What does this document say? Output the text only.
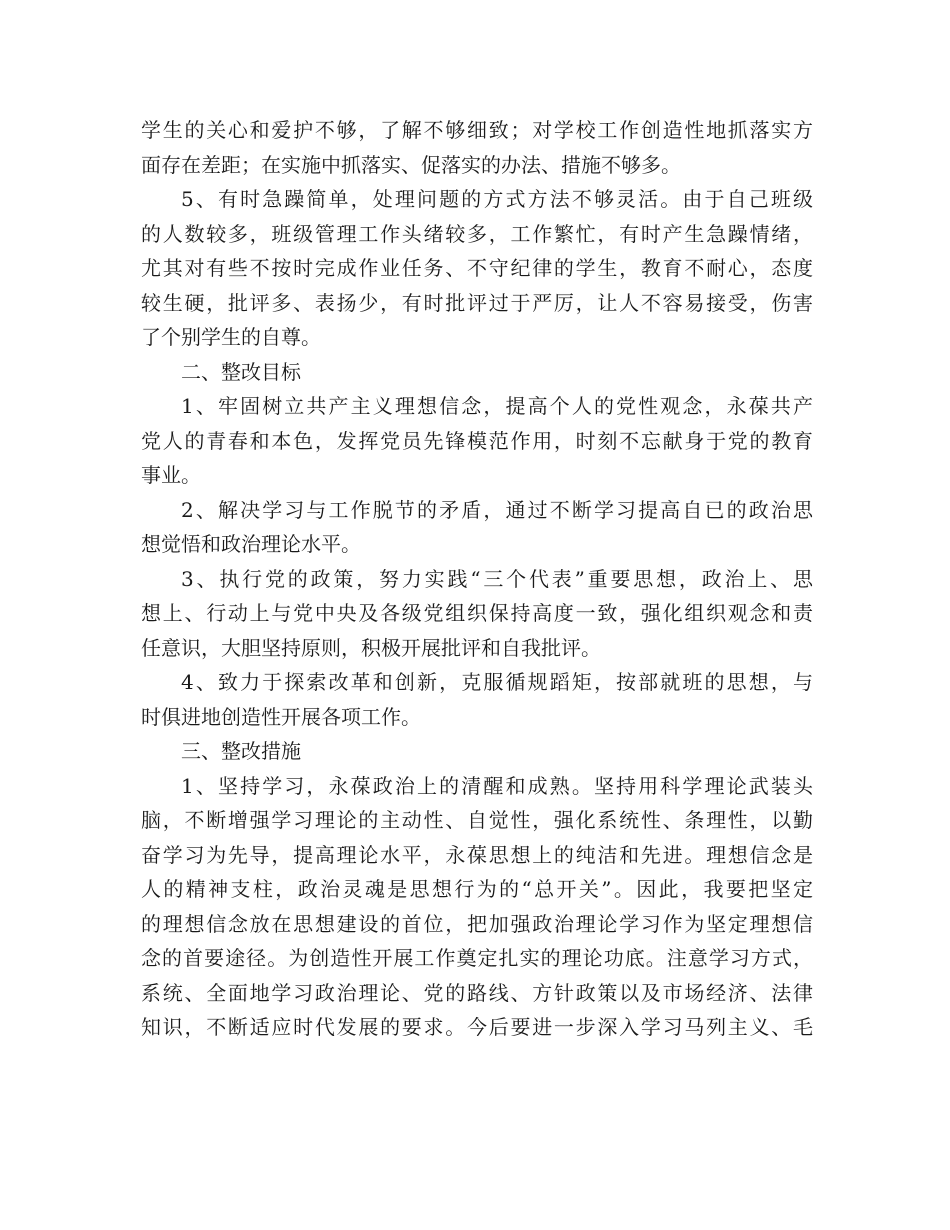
学生的关心和爱护不够，了解不够细致；对学校工作创造性地抓落实方
面存在差距；在实施中抓落实、促落实的办法、措施不够多。
5、有时急躁简单，处理问题的方式方法不够灵活。由于自己班级
的人数较多，班级管理工作头绪较多，工作繁忙，有时产生急躁情绪，
尤其对有些不按时完成作业任务、不守纪律的学生，教育不耐心，态度
较生硬，批评多、表扬少，有时批评过于严厉，让人不容易接受，伤害
了个别学生的自尊。
二、整改目标
1、牢固树立共产主义理想信念，提高个人的党性观念，永葆共产
党人的青春和本色，发挥党员先锋模范作用，时刻不忘献身于党的教育
事业。
2、解决学习与工作脱节的矛盾，通过不断学习提高自已的政治思
想觉悟和政治理论水平。
3、执行党的政策，努力实践“三个代表”重要思想，政治上、思
想上、行动上与党中央及各级党组织保持高度一致，强化组织观念和责
任意识，大胆坚持原则，积极开展批评和自我批评。
4、致力于探索改革和创新，克服循规蹈矩，按部就班的思想，与
时俱进地创造性开展各项工作。
三、整改措施
1、坚持学习，永葆政治上的清醒和成熟。坚持用科学理论武装头
脑，不断增强学习理论的主动性、自觉性，强化系统性、条理性，以勤
奋学习为先导，提高理论水平，永葆思想上的纯洁和先进。理想信念是
人的精神支柱，政治灵魂是思想行为的“总开关”。因此，我要把坚定
的理想信念放在思想建设的首位，把加强政治理论学习作为坚定理想信
念的首要途径。为创造性开展工作奠定扎实的理论功底。注意学习方式，
系统、全面地学习政治理论、党的路线、方针政策以及市场经济、法律
知识，不断适应时代发展的要求。今后要进一步深入学习马列主义、毛
